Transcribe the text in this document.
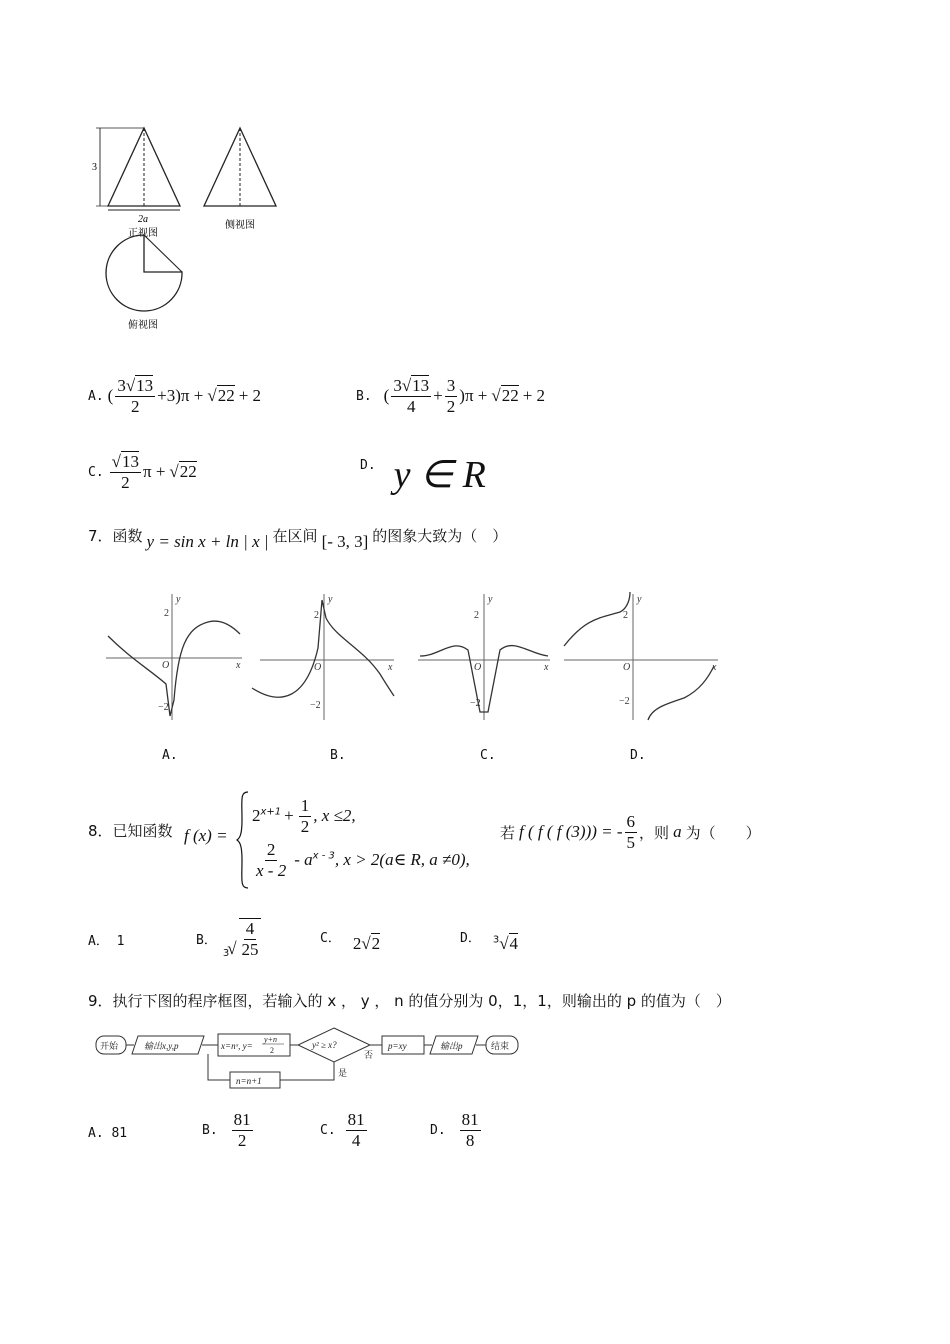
3
2a
正视图
侧视图
俯视图
A. ( $\frac{3√13}{2} +3)\pi + √22 + 2$	B. ( $\frac{3√13}{4} + \frac{3}{2}$ ) π + √22 + 2
C. $\frac{√13}{2}$ π + √22	D. y ∈ R
7．函数 y = sin x + ln | x | 在区间 [- 3, 3] 的图象大致为（　）
y
x
O
2
−2
y
x
O
2
−2
y
x
O
2
−2
y
x
O
2
−2
A.	B.	C.	D.
8．已知函数 f (x) =
$2^{x+1} + \frac{1}{2}$ , x ≤2,
$\frac{2}{x - 2} - a^{x - 3}$ , x > 2(a∈ R, a ≠0),
若 f ( f ( f (3))) = - $\frac{6}{5}$ ，则 a 为（　　）
A． 1	B．
3
√ $\frac{4}{25}$	C． 2√2	D． $^3$√4
9．执行下图的程序框图，若输入的 x ， y ， n 的值分别为 0，1，1，则输出的 p 的值为（　）
开始	输出x,y,p	x=nˣ, y=
y+n
2
y² ≥ x?
否
是
p=xy	输出p	结束
n=n+1
A. 81	B. $\frac{81}{2}$	C. $\frac{81}{4}$	D. $\frac{81}{8}$
